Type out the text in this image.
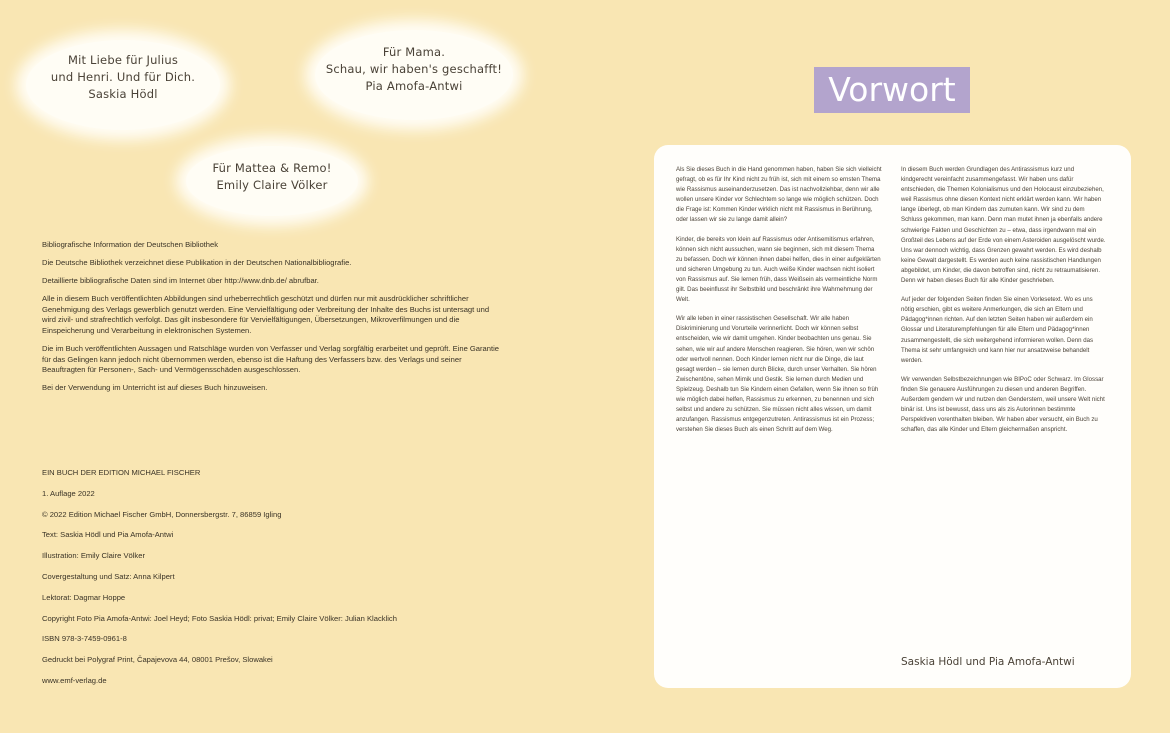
Mit Liebe für Julius
und Henri. Und für Dich.
Saskia Hödl
Für Mama.
Schau, wir haben's geschafft!
Pia Amofa-Antwi
Für Mattea & Remo!
Emily Claire Völker

Bibliografische Information der Deutschen Bibliothek

Die Deutsche Bibliothek verzeichnet diese Publikation in der Deutschen Nationalbibliografie.

Detaillierte bibliografische Daten sind im Internet über http://www.dnb.de/ abrufbar.

Alle in diesem Buch veröffentlichten Abbildungen sind urheberrechtlich geschützt und dürfen nur mit ausdrücklicher schriftlicher Genehmigung des Verlags gewerblich genutzt werden. Eine Vervielfältigung oder Verbreitung der Inhalte des Buchs ist untersagt und wird zivil- und strafrechtlich verfolgt. Das gilt insbesondere für Vervielfältigungen, Übersetzungen, Mikroverfilmungen und die Einspeicherung und Verarbeitung in elektronischen Systemen.

Die im Buch veröffentlichten Aussagen und Ratschläge wurden von Verfasser und Verlag sorgfältig erarbeitet und geprüft. Eine Garantie für das Gelingen kann jedoch nicht übernommen werden, ebenso ist die Haftung des Verfassers bzw. des Verlags und seiner Beauftragten für Personen-, Sach- und Vermögensschäden ausgeschlossen.

Bei der Verwendung im Unterricht ist auf dieses Buch hinzuweisen.

EIN BUCH DER EDITION MICHAEL FISCHER
1. Auflage 2022
© 2022 Edition Michael Fischer GmbH, Donnersbergstr. 7, 86859 Igling
Text: Saskia Hödl und Pia Amofa-Antwi
Illustration: Emily Claire Völker
Covergestaltung und Satz: Anna Kilpert
Lektorat: Dagmar Hoppe
Copyright Foto Pia Amofa-Antwi: Joel Heyd; Foto Saskia Hödl: privat; Emily Claire Völker: Julian Klacklich
ISBN 978-3-7459-0961-8
Gedruckt bei Polygraf Print, Čapajevova 44, 08001 Prešov, Slowakei
www.emf-verlag.de
Vorwort

Als Sie dieses Buch in die Hand genommen haben, haben Sie sich vielleicht gefragt, ob es für Ihr Kind nicht zu früh ist, sich mit einem so ernsten Thema wie Rassismus auseinanderzusetzen. Das ist nachvollziehbar, denn wir alle wollen unsere Kinder vor Schlechtem so lange wie möglich schützen. Doch die Frage ist: Kommen Kinder wirklich nicht mit Rassismus in Berührung, oder lassen wir sie zu lange damit allein?

Kinder, die bereits von klein auf Rassismus oder Antisemitismus erfahren, können sich nicht aussuchen, wann sie beginnen, sich mit diesem Thema zu befassen. Doch wir können ihnen dabei helfen, dies in einer aufgeklärten und sicheren Umgebung zu tun. Auch weiße Kinder wachsen nicht isoliert von Rassismus auf. Sie lernen früh, dass Weißsein als vermeintliche Norm gilt. Das beeinflusst ihr Selbstbild und beschränkt ihre Wahrnehmung der Welt.

Wir alle leben in einer rassistischen Gesellschaft. Wir alle haben Diskriminierung und Vorurteile verinnerlicht. Doch wir können selbst entscheiden, wie wir damit umgehen. Kinder beobachten uns genau. Sie sehen, wie wir auf andere Menschen reagieren. Sie hören, wen wir schön oder wertvoll nennen. Doch Kinder lernen nicht nur die Dinge, die laut gesagt werden – sie lernen durch Blicke, durch unser Verhalten. Sie hören Zwischentöne, sehen Mimik und Gestik. Sie lernen durch Medien und Spielzeug. Deshalb tun Sie Kindern einen Gefallen, wenn Sie ihnen so früh wie möglich dabei helfen, Rassismus zu erkennen, zu benennen und sich selbst und andere zu schützen. Sie müssen nicht alles wissen, um damit anzufangen. Rassismus entgegenzutreten. Antirassismus ist ein Prozess; verstehen Sie dieses Buch als einen Schritt auf dem Weg.

In diesem Buch werden Grundlagen des Antirassismus kurz und kindgerecht vereinfacht zusammengefasst. Wir haben uns dafür entschieden, die Themen Kolonialismus und den Holocaust einzubeziehen, weil Rassismus ohne diesen Kontext nicht erklärt werden kann. Wir haben lange überlegt, ob man Kindern das zumuten kann. Wir sind zu dem Schluss gekommen, man kann. Denn man mutet ihnen ja ebenfalls andere schwierige Fakten und Geschichten zu – etwa, dass irgendwann mal ein Großteil des Lebens auf der Erde von einem Asteroiden ausgelöscht wurde. Uns war dennoch wichtig, dass Grenzen gewahrt werden. Es wird deshalb keine Gewalt dargestellt. Es werden auch keine rassistischen Handlungen abgebildet, um Kinder, die davon betroffen sind, nicht zu retraumatisieren. Denn wir haben dieses Buch für alle Kinder geschrieben.

Auf jeder der folgenden Seiten finden Sie einen Vorlesetext. Wo es uns nötig erschien, gibt es weitere Anmerkungen, die sich an Eltern und Pädagog*innen richten. Auf den letzten Seiten haben wir außerdem ein Glossar und Literaturempfehlungen für alle Eltern und Pädagog*innen zusammengestellt, die sich weitergehend informieren wollen. Denn das Thema ist sehr umfangreich und kann hier nur ansatzweise behandelt werden.

Wir verwenden Selbstbezeichnungen wie BIPoC oder Schwarz. Im Glossar finden Sie genauere Ausführungen zu diesen und anderen Begriffen. Außerdem gendern wir und nutzen den Genderstern, weil unsere Welt nicht binär ist. Uns ist bewusst, dass uns als zis Autorinnen bestimmte Perspektiven vorenthalten bleiben. Wir haben aber versucht, ein Buch zu schaffen, das alle Kinder und Eltern gleichermaßen anspricht.

Saskia Hödl und Pia Amofa-Antwi
